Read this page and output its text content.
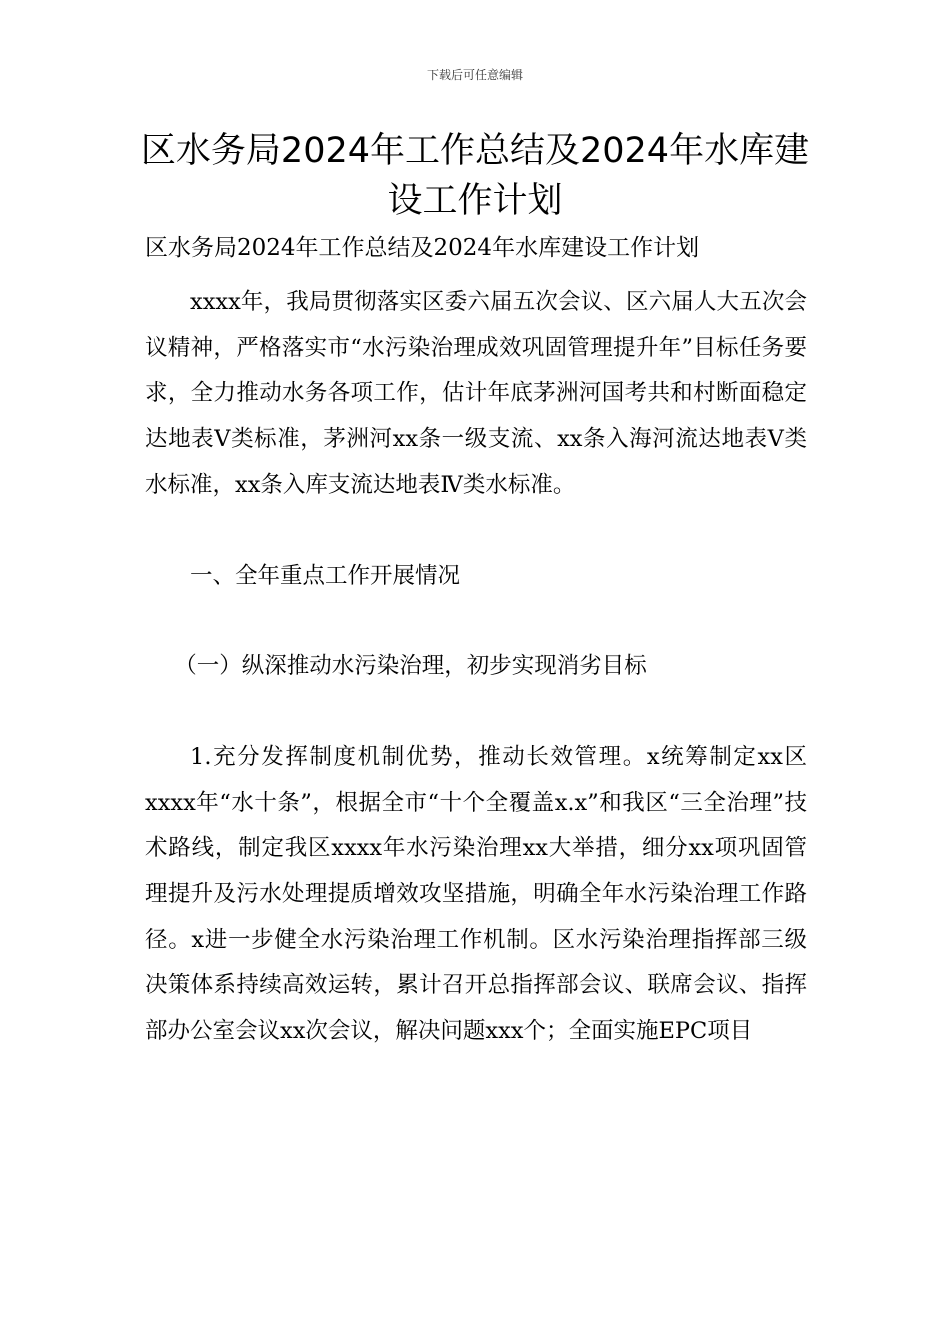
下载后可任意编辑
区水务局2024年工作总结及2024年水库建设工作计划
区水务局2024年工作总结及2024年水库建设工作计划

xxxx年，我局贯彻落实区委六届五次会议、区六届人大五次会议精神，严格落实市“水污染治理成效巩固管理提升年”目标任务要求，全力推动水务各项工作，估计年底茅洲河国考共和村断面稳定达地表Ⅴ类标准，茅洲河xx条一级支流、xx条入海河流达地表Ⅴ类水标准，xx条入库支流达地表Ⅳ类水标准。

一、全年重点工作开展情况

（一）纵深推动水污染治理，初步实现消劣目标

1.充分发挥制度机制优势，推动长效管理。x统筹制定xx区xxxx年“水十条”，根据全市“十个全覆盖x.x”和我区“三全治理”技术路线，制定我区xxxx年水污染治理xx大举措，细分xx项巩固管理提升及污水处理提质增效攻坚措施，明确全年水污染治理工作路径。x进一步健全水污染治理工作机制。区水污染治理指挥部三级决策体系持续高效运转，累计召开总指挥部会议、联席会议、指挥部办公室会议xx次会议，解决问题xxx个；全面实施EPC项目
